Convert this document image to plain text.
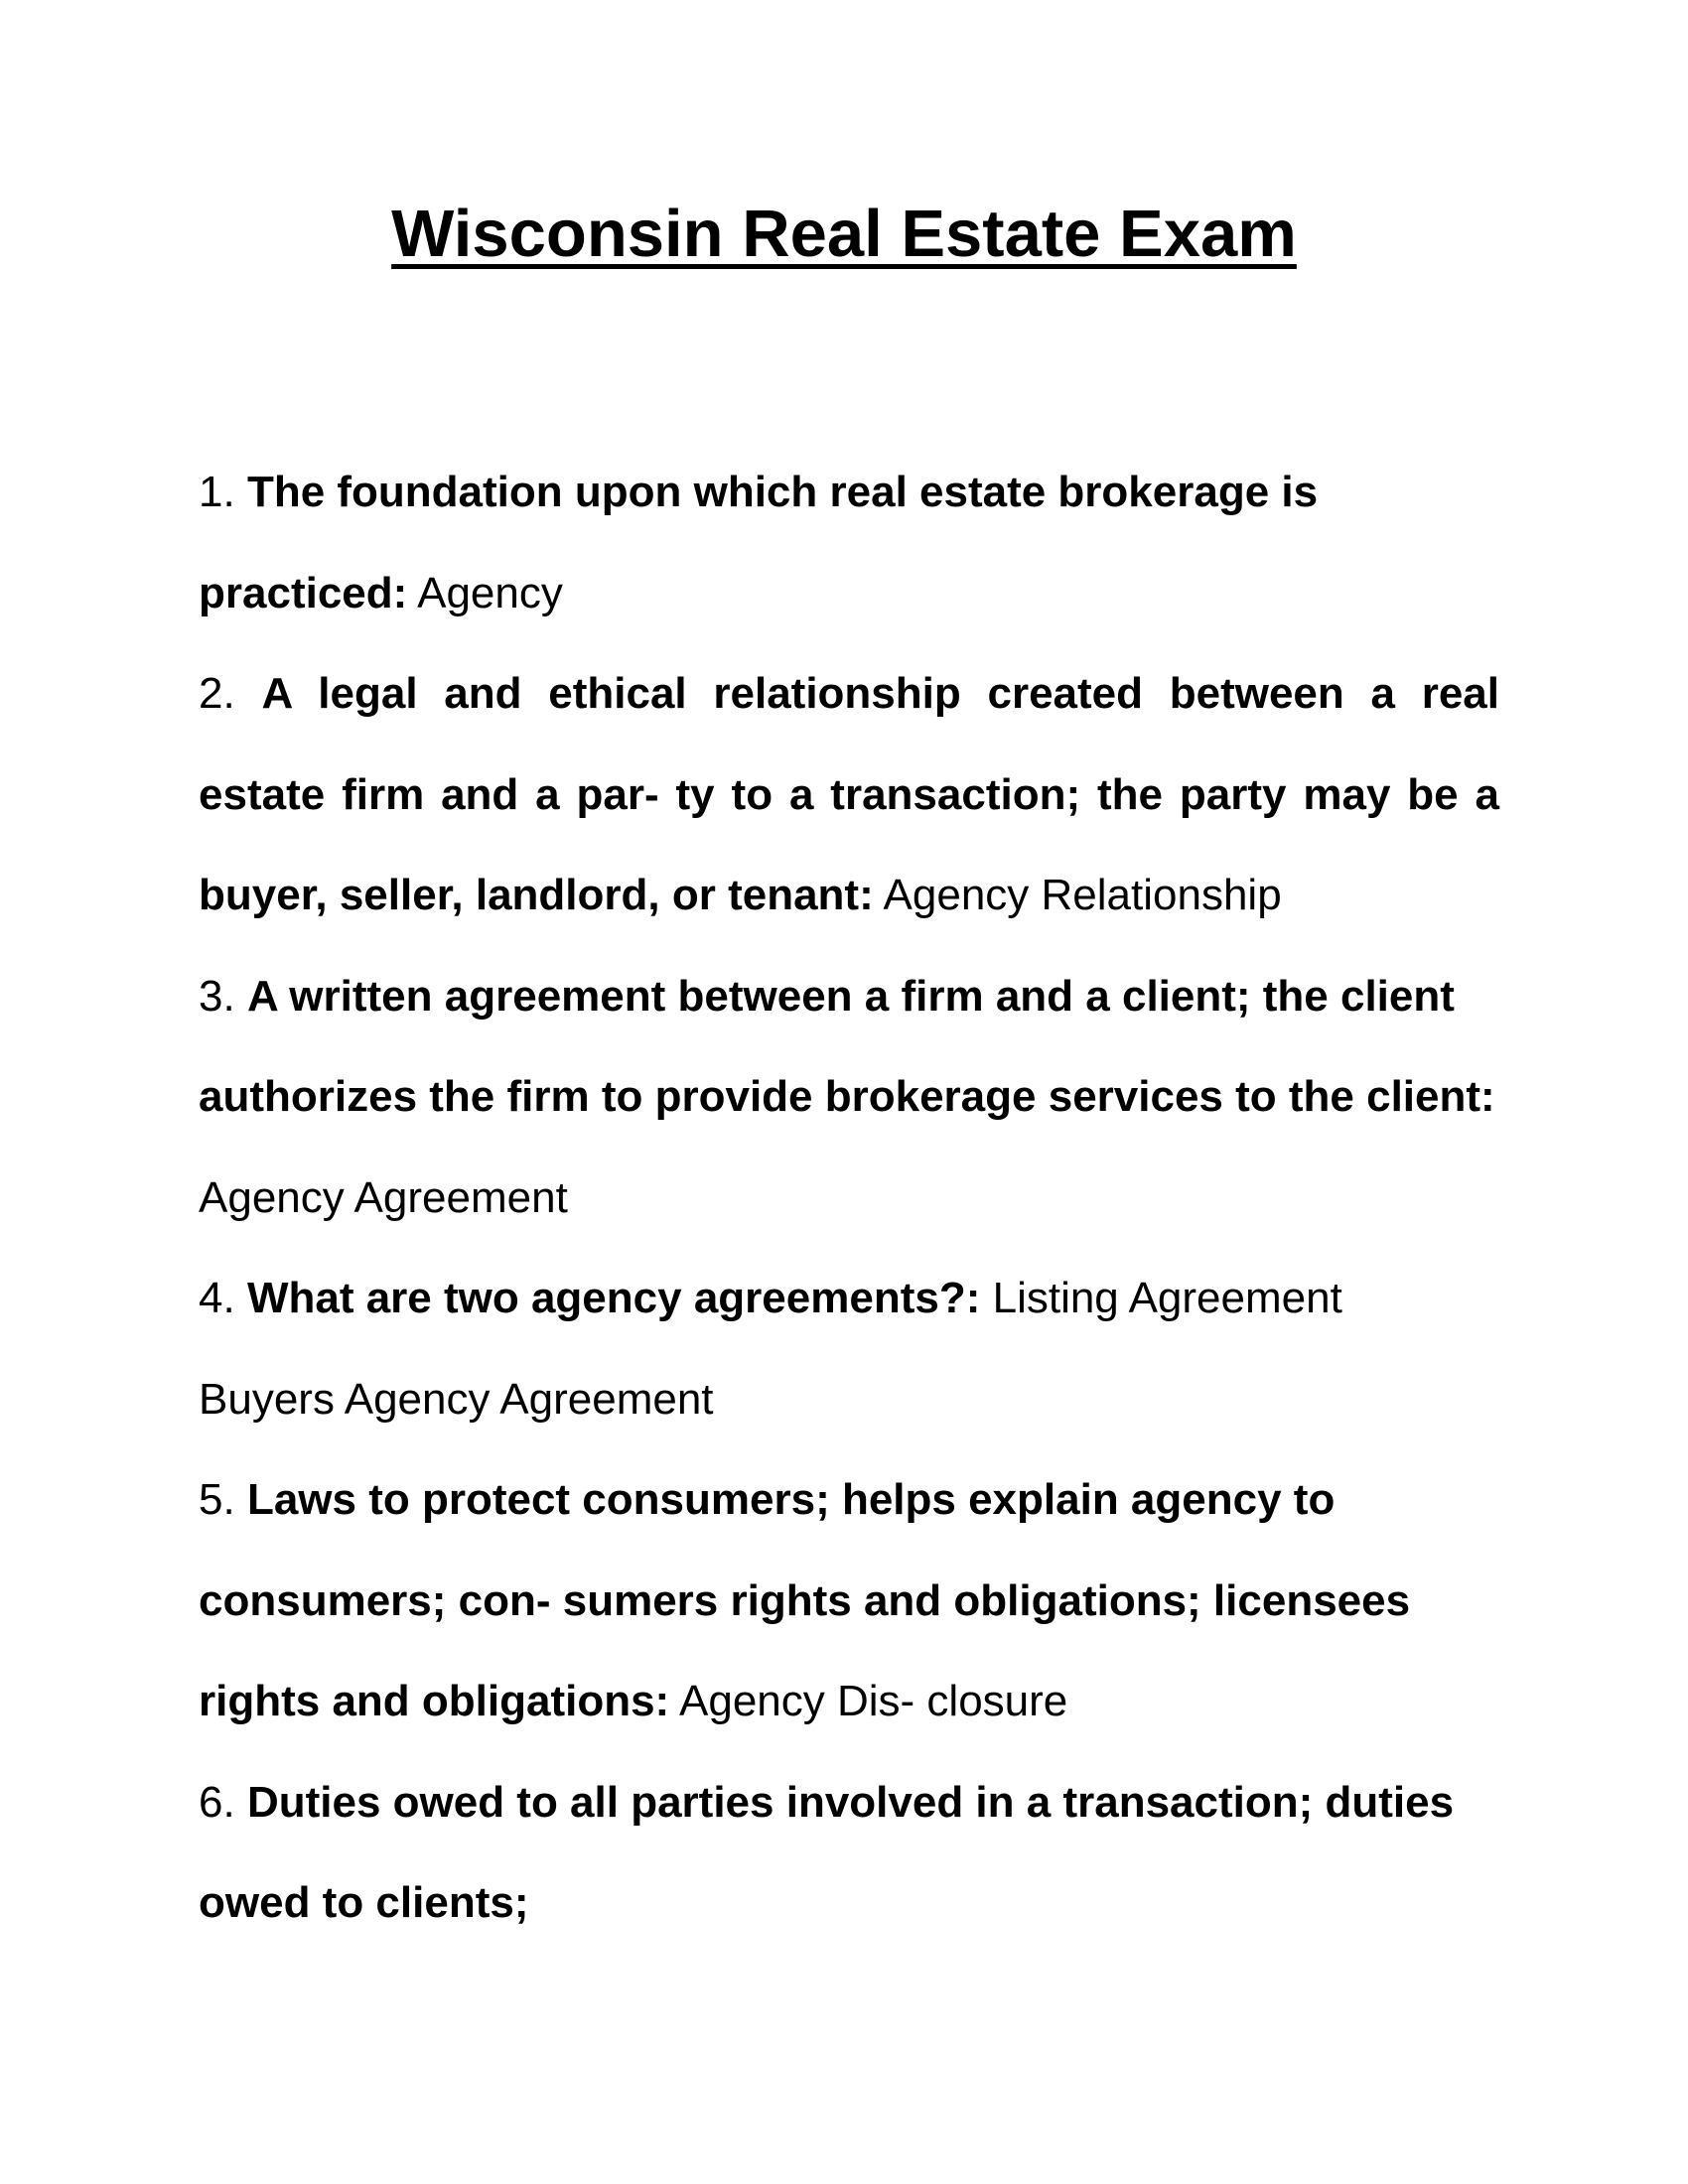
Wisconsin Real Estate Exam
1. The foundation upon which real estate brokerage is practiced: Agency
2. A legal and ethical relationship created between a real estate firm and a par- ty to a transaction; the party may be a buyer, seller, landlord, or tenant: Agency Relationship
3. A written agreement between a firm and a client; the client authorizes the firm to provide brokerage services to the client: Agency Agreement
4. What are two agency agreements?: Listing Agreement
Buyers Agency Agreement
5. Laws to protect consumers; helps explain agency to consumers; con- sumers rights and obligations; licensees rights and obligations: Agency Dis- closure
6. Duties owed to all parties involved in a transaction; duties owed to clients;
